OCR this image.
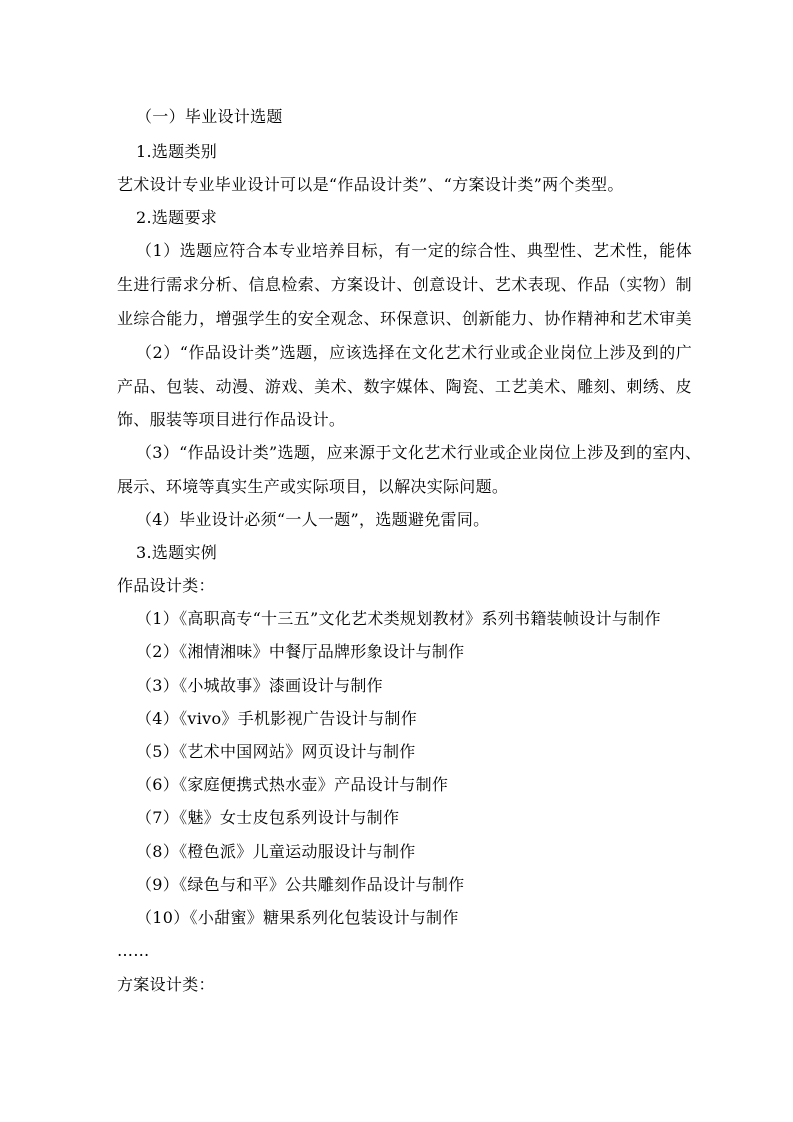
（一）毕业设计选题
1.选题类别
艺术设计专业毕业设计可以是“作品设计类”、“方案设计类”两个类型。
2.选题要求
（1）选题应符合本专业培养目标，有一定的综合性、典型性、艺术性，能体
生进行需求分析、信息检索、方案设计、创意设计、艺术表现、作品（实物）制
业综合能力，增强学生的安全观念、环保意识、创新能力、协作精神和艺术审美
（2）“作品设计类”选题，应该选择在文化艺术行业或企业岗位上涉及到的广
产品、包装、动漫、游戏、美术、数字媒体、陶瓷、工艺美术、雕刻、刺绣、皮
饰、服装等项目进行作品设计。
（3）“作品设计类”选题，应来源于文化艺术行业或企业岗位上涉及到的室内、
展示、环境等真实生产或实际项目，以解决实际问题。
（4）毕业设计必须“一人一题”，选题避免雷同。
3.选题实例
作品设计类：
（1）《高职高专“十三五”文化艺术类规划教材》系列书籍装帧设计与制作
（2）《湘情湘味》中餐厅品牌形象设计与制作
（3）《小城故事》漆画设计与制作
（4）《vivo》手机影视广告设计与制作
（5）《艺术中国网站》网页设计与制作
（6）《家庭便携式热水壶》产品设计与制作
（7）《魅》女士皮包系列设计与制作
（8）《橙色派》儿童运动服设计与制作
（9）《绿色与和平》公共雕刻作品设计与制作
（10）《小甜蜜》糖果系列化包装设计与制作
……
方案设计类：
